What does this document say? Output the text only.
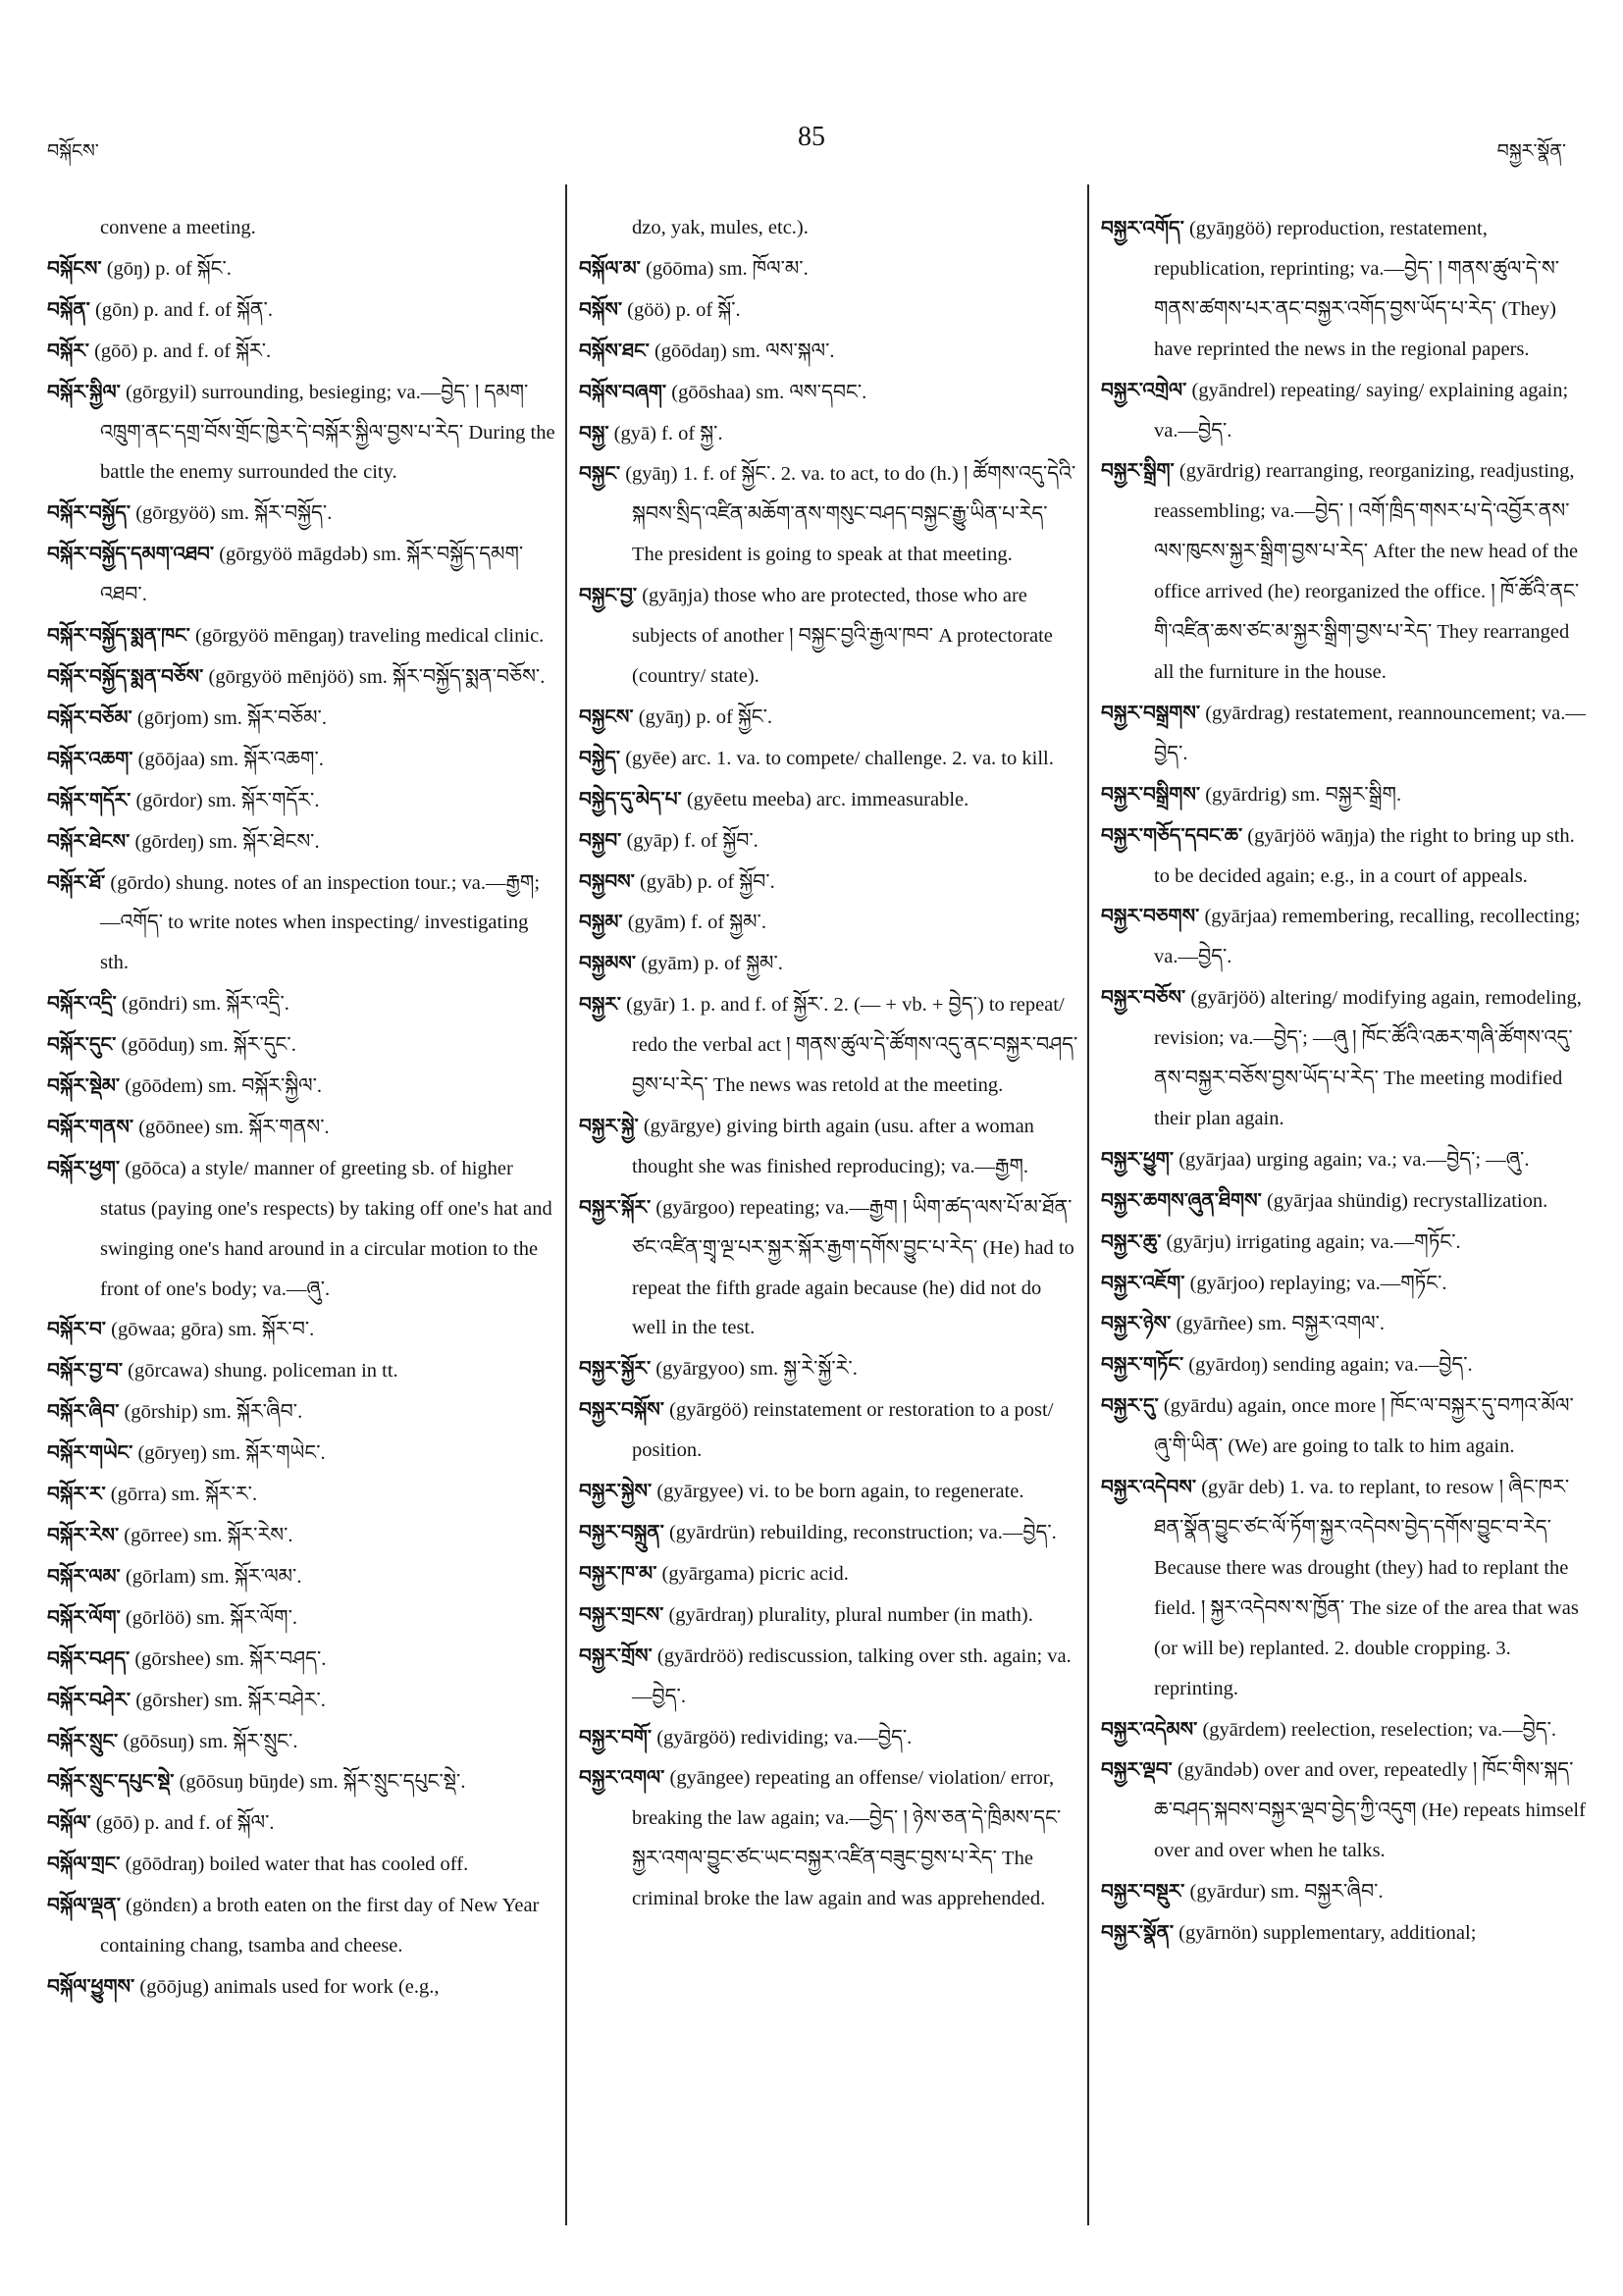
བསྐོངས་	85	བསྐྱར་སྣོན་

convene a meeting.

བསྐོངས་ (gōŋ) p. of སྐོང་.

བསྐོན་ (gōn) p. and f. of སྐོན་.

བསྐོར་ (gōō) p. and f. of སྐོར་.

བསྐོར་སྐྱིལ་ (gōrgyil) surrounding, besieging; va.—བྱེད་ ། དམག་འཁྲུག་ནང་དགྲ་བོས་གྲོང་ཁྱེར་དེ་བསྐོར་སྐྱིལ་བྱས་པ་རེད་ During the battle the enemy surrounded the city.

བསྐོར་བསྐྱོད་ (gōrgyöö) sm. སྐོར་བསྐྱོད་.

བསྐོར་བསྐྱོད་དམག་འཐབ་ (gōrgyöö māgdəb) sm. སྐོར་བསྐྱོད་དམག་འཐབ་.

བསྐོར་བསྐྱོད་སྨན་ཁང་ (gōrgyöö mēngaŋ) traveling medical clinic.

བསྐོར་བསྐྱོད་སྨན་བཅོས་ (gōrgyöö mēnjöö) sm. སྐོར་བསྐྱོད་སྨན་བཅོས་.

བསྐོར་བཅོམ་ (gōrjom) sm. སྐོར་བཅོམ་.

བསྐོར་འཆག་ (gōōjaa) sm. སྐོར་འཆག་.

བསྐོར་གདོར་ (gōrdor) sm. སྐོར་གདོར་.

བསྐོར་ཐེངས་ (gōrdeŋ) sm. སྐོར་ཐེངས་.

བསྐོར་ཐོ་ (gōrdo) shung. notes of an inspection tour.; va.—རྒྱག; —འགོད་ to write notes when inspecting/ investigating sth.

བསྐོར་འདྲི་ (gōndri) sm. སྐོར་འདྲི་.

བསྐོར་དུང་ (gōōduŋ) sm. སྐོར་དུང་.

བསྐོར་སྡེམ་ (gōōdem) sm. བསྐོར་སྐྱིལ་.

བསྐོར་གནས་ (gōōnee) sm. སྐོར་གནས་.

བསྐོར་ཕྱག་ (gōōca) a style/ manner of greeting sb. of higher status (paying one's respects) by taking off one's hat and swinging one's hand around in a circular motion to the front of one's body; va.—ཞུ་.

བསྐོར་བ་ (gōwaa; gōra) sm. སྐོར་བ་.

བསྐོར་བྱ་བ་ (gōrcawa) shung. policeman in tt.

བསྐོར་ཞིབ་ (gōrship) sm. སྐོར་ཞིབ་.

བསྐོར་གཡེང་ (gōryeŋ) sm. སྐོར་གཡེང་.

བསྐོར་ར་ (gōrra) sm. སྐོར་ར་.

བསྐོར་རེས་ (gōrree) sm. སྐོར་རེས་.

བསྐོར་ལམ་ (gōrlam) sm. སྐོར་ལམ་.

བསྐོར་ལོག་ (gōrlöö) sm. སྐོར་ལོག་.

བསྐོར་བཤད་ (gōrshee) sm. སྐོར་བཤད་.

བསྐོར་བཤེར་ (gōrsher) sm. སྐོར་བཤེར་.

བསྐོར་སྲུང་ (gōōsuŋ) sm. སྐོར་སྲུང་.

བསྐོར་སྲུང་དཔུང་སྡེ་ (gōōsuŋ būŋde) sm. སྐོར་སྲུང་དཔུང་སྡེ་.

བསྐོལ་ (gōō) p. and f. of སྐོལ་.

བསྐོལ་གྲང་ (gōōdraŋ) boiled water that has cooled off.

བསྐོལ་ལྡན་ (göndɛn) a broth eaten on the first day of New Year containing chang, tsamba and cheese.

བསྐོལ་ཕྱུགས་ (gōōjug) animals used for work (e.g.,

dzo, yak, mules, etc.).

བསྐོལ་མ་ (gōōma) sm. ཁོལ་མ་.

བསྐོས་ (göö) p. of སྐོ་.

བསྐོས་ཐང་ (gōōdaŋ) sm. ལས་སྐལ་.

བསྐོས་བཞག་ (gōōshaa) sm. ལས་དབང་.

བསྐྱ་ (gyā) f. of སྐྱ་.

བསྐྱང་ (gyāŋ) 1. f. of སྐྱོང་. 2. va. to act, to do (h.) ། ཚོགས་འདུ་དེའི་སྐབས་སྲིད་འཛིན་མཆོག་ནས་གསུང་བཤད་བསྐྱང་རྒྱུ་ཡིན་པ་རེད་ The president is going to speak at that meeting.

བསྐྱང་བྱ་ (gyāŋja) those who are protected, those who are subjects of another ། བསྐྱང་བྱའི་རྒྱལ་ཁབ་ A protectorate (country/ state).

བསྐྱངས་ (gyāŋ) p. of སྐྱོང་.

བསྐྱེད་ (gyēe) arc. 1. va. to compete/ challenge. 2. va. to kill.

བསྐྱེད་དུ་མེད་པ་ (gyēetu meeba) arc. immeasurable.

བསྐྱབ་ (gyāp) f. of སྐྱོབ་.

བསྐྱབས་ (gyāb) p. of སྐྱོབ་.

བསྐྱམ་ (gyām) f. of སྐྱམ་.

བསྐྱམས་ (gyām) p. of སྐྱམ་.

བསྐྱར་ (gyār) 1. p. and f. of སྐྱོར་. 2. (— + vb. + བྱེད་) to repeat/ redo the verbal act ། གནས་ཚུལ་དེ་ཚོགས་འདུ་ནང་བསྐྱར་བཤད་བྱས་པ་རེད་ The news was retold at the meeting.

བསྐྱར་སྐྱེ་ (gyārgye) giving birth again (usu. after a woman thought she was finished reproducing); va.—རྒྱག.

བསྐྱར་སྐོར་ (gyārgoo) repeating; va.—རྒྱག ། ཡིག་ཚད་ལས་པོ་མ་ཐོན་ཙང་འཛིན་གྲྭ་ལྔ་པར་སྐྱར་སྐོར་རྒྱག་དགོས་བྱུང་པ་རེད་ (He) had to repeat the fifth grade again because (he) did not do well in the test.

བསྐྱར་སྐྱོར་ (gyārgyoo) sm. སྐྱ་རེ་སྐྱོ་རེ་.

བསྐྱར་བསྐོས་ (gyārgöö) reinstatement or restoration to a post/ position.

བསྐྱར་སྐྱེས་ (gyārgyee) vi. to be born again, to regenerate.

བསྐྱར་བསྐྲུན་ (gyārdrün) rebuilding, reconstruction; va.—བྱེད་.

བསྐྱར་ཁ་མ་ (gyārgama) picric acid.

བསྐྱར་གྲངས་ (gyārdraŋ) plurality, plural number (in math).

བསྐྱར་གྲོས་ (gyārdröö) rediscussion, talking over sth. again; va.—བྱེད་.

བསྐྱར་བགོ་ (gyārgöö) redividing; va.—བྱེད་.

བསྐྱར་འགལ་ (gyāngee) repeating an offense/ violation/ error, breaking the law again; va.—བྱེད་ ། ཉེས་ཅན་དེ་ཁྲིམས་དང་སྐྱར་འགལ་བྱུང་ཙང་ཡང་བསྐྱར་འཛིན་བཟུང་བྱས་པ་རེད་ The criminal broke the law again and was apprehended.

བསྐྱར་འགོད་ (gyāŋgöö) reproduction, restatement, republication, reprinting; va.—བྱེད་ ། གནས་ཚུལ་དེ་ས་གནས་ཚགས་པར་ནང་བསྐྱར་འགོད་བྱས་ཡོད་པ་རེད་ (They) have reprinted the news in the regional papers.

བསྐྱར་འགྲེལ་ (gyāndrel) repeating/ saying/ explaining again; va.—བྱེད་.

བསྐྱར་སྒྲིག་ (gyārdrig) rearranging, reorganizing, readjusting, reassembling; va.—བྱེད་ ། འགོ་ཁྲིད་གསར་པ་དེ་འབྱོར་ནས་ལས་ཁུངས་སྐྱར་སྒྲིག་བྱས་པ་རེད་ After the new head of the office arrived (he) reorganized the office. ། ཁོ་ཚོའི་ནང་གི་འཛིན་ཆས་ཙང་མ་སྐྱར་སྒྲིག་བྱས་པ་རེད་ They rearranged all the furniture in the house.

བསྐྱར་བསྒྲགས་ (gyārdrag) restatement, reannouncement; va.—བྱེད་.

བསྐྱར་བསྒྲིགས་ (gyārdrig) sm. བསྐྱར་སྒྲིག.

བསྐྱར་གཅོད་དབང་ཆ་ (gyārjöö wāŋja) the right to bring up sth. to be decided again; e.g., in a court of appeals.

བསྐྱར་བཅགས་ (gyārjaa) remembering, recalling, recollecting; va.—བྱེད་.

བསྐྱར་བཅོས་ (gyārjöö) altering/ modifying again, remodeling, revision; va.—བྱེད་; —ཞུ ། ཁོང་ཚོའི་འཆར་གཞི་ཚོགས་འདུ་ནས་བསྐྱར་བཅོས་བྱས་ཡོད་པ་རེད་ The meeting modified their plan again.

བསྐྱར་ཕྱུག་ (gyārjaa) urging again; va.; va.—བྱེད་; —ཞུ་.

བསྐྱར་ཆགས་ཞུན་ཐིགས་ (gyārjaa shündig) recrystallization.

བསྐྱར་ཆུ་ (gyārju) irrigating again; va.—གཏོང་.

བསྐྱར་འཇོག་ (gyārjoo) replaying; va.—གཏོང་.

བསྐྱར་ཉེས་ (gyārñee) sm. བསྐྱར་འགལ་.

བསྐྱར་གཏོང་ (gyārdoŋ) sending again; va.—བྱེད་.

བསྐྱར་དུ་ (gyārdu) again, once more ། ཁོང་ལ་བསྐྱར་དུ་བཀའ་མོལ་ཞུ་གི་ཡིན་ (We) are going to talk to him again.

བསྐྱར་འདེབས་ (gyār deb) 1. va. to replant, to resow ། ཞིང་ཁར་ཐན་སྣོན་བྱུང་ཙང་ལོ་ཏོག་སྐྱར་འདེབས་བྱེད་དགོས་བྱུང་བ་རེད་ Because there was drought (they) had to replant the field. ། སྐྱར་འདེབས་ས་ཁྱོན་ The size of the area that was (or will be) replanted. 2. double cropping. 3. reprinting.

བསྐྱར་འདེམས་ (gyārdem) reelection, reselection; va.—བྱེད་.

བསྐྱར་ལྡབ་ (gyāndəb) over and over, repeatedly ། ཁོང་གིས་སྐད་ཆ་བཤད་སྐབས་བསྐྱར་ལྡབ་བྱེད་ཀྱི་འདུག (He) repeats himself over and over when he talks.

བསྐྱར་བསྡུར་ (gyārdur) sm. བསྐྱར་ཞིབ་.

བསྐྱར་སྣོན་ (gyārnön) supplementary, additional;
